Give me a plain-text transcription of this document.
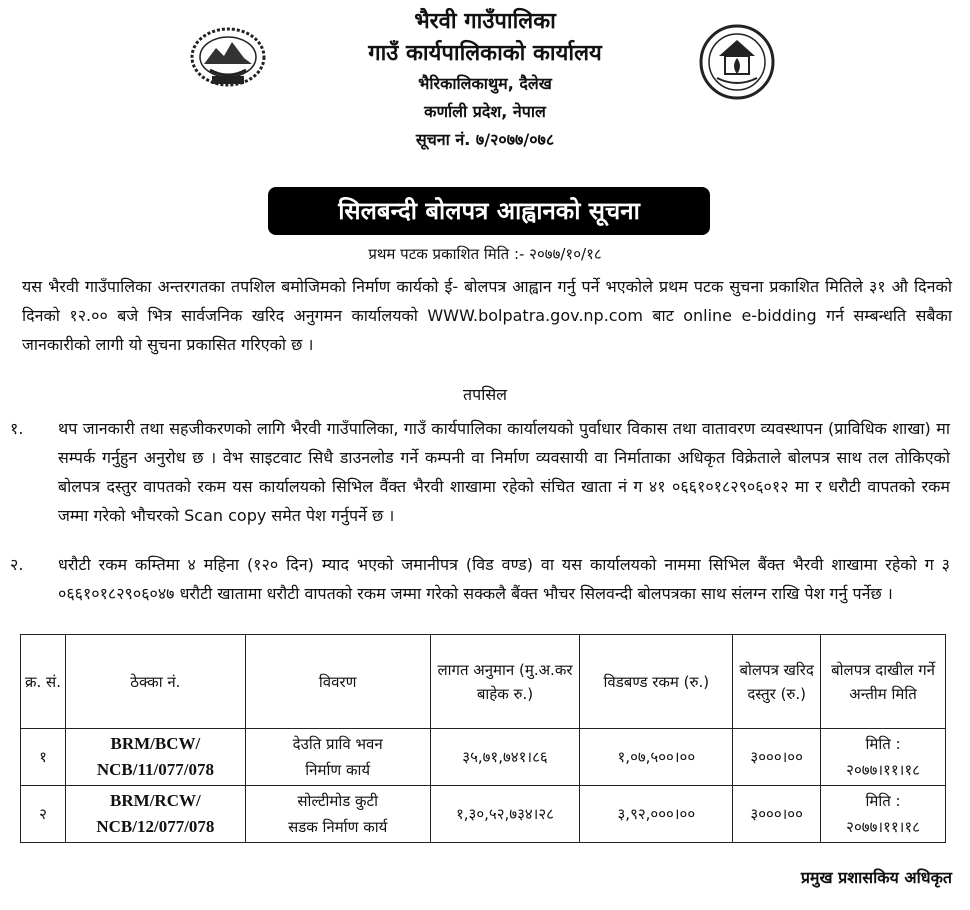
भैरवी गाउँपालिका
गाउँ कार्यपालिकाको कार्यालय
भैरिकालिकाथुम, दैलेख
कर्णाली प्रदेश, नेपाल
सूचना नं. ७/२०७७/०७८
सिलबन्दी बोलपत्र आह्वानको सूचना
प्रथम पटक प्रकाशित मिति :- २०७७/१०/१८
यस भैरवी गाउँपालिका अन्तरगतका तपशिल बमोजिमको निर्माण कार्यको ई- बोलपत्र आह्वान गर्नु पर्ने भएकोले प्रथम पटक सुचना प्रकाशित मितिले ३१ औ दिनको दिनको १२.०० बजे भित्र सार्वजनिक खरिद अनुगमन कार्यालयको WWW.bolpatra.gov.np.com बाट online e-bidding गर्न सम्बन्धति सबैका जानकारीको लागी यो सुचना प्रकासित गरिएको छ ।
तपसिल
१.	थप जानकारी तथा सहजीकरणको लागि भैरवी गाउँपालिका, गाउँ कार्यपालिका कार्यालयको पुर्वाधार विकास तथा वातावरण व्यवस्थापन (प्राविधिक शाखा) मा सम्पर्क गर्नुहुन अनुरोध छ । वेभ साइटवाट सिधै डाउनलोड गर्ने कम्पनी वा निर्माण व्यवसायी वा निर्माताका अधिकृत विक्रेताले बोलपत्र साथ तल तोकिएको बोलपत्र दस्तुर वापतको रकम यस कार्यालयको सिभिल वैंक्त भैरवी शाखामा रहेको संचित खाता नं ग ४१ ०६६१०१८२९०६०१२ मा र धरौटी वापतको रकम जम्मा गरेको भौचरको Scan copy समेत पेश गर्नुपर्ने छ ।
२.	धरौटी रकम कम्तिमा ४ महिना (१२० दिन) म्याद भएको जमानीपत्र (विड वण्ड) वा यस कार्यालयको नाममा सिभिल बैंक्त भैरवी शाखामा रहेको ग ३ ०६६१०१८२९०६०४७ धरौटी खातामा धरौटी वापतको रकम जम्मा गरेको सक्कलै बैंक्त भौचर सिलवन्दी बोलपत्रका साथ संलग्न राखि पेश गर्नु पर्नेछ ।
क्र. सं.	ठेक्का नं.	विवरण	लागत अनुमान (मु.अ.कर बाहेक रु.)	विडबण्ड रकम (रु.)	बोलपत्र खरिद दस्तुर (रु.)	बोलपत्र दाखील गर्ने अन्तीम मिति
१	BRM/BCW/
NCB/11/077/078	देउति प्रावि भवन
निर्माण कार्य	३५,७१,७४१।८६	१,०७,५००।००	३०००।००	मिति :
२०७७।११।१८
२	BRM/RCW/
NCB/12/077/078	सोल्टीमोड कुटी
सडक निर्माण कार्य	१,३०,५२,७३४।२८	३,९२,०००।००	३०००।००	मिति :
२०७७।११।१८
प्रमुख प्रशासकिय अधिकृत
